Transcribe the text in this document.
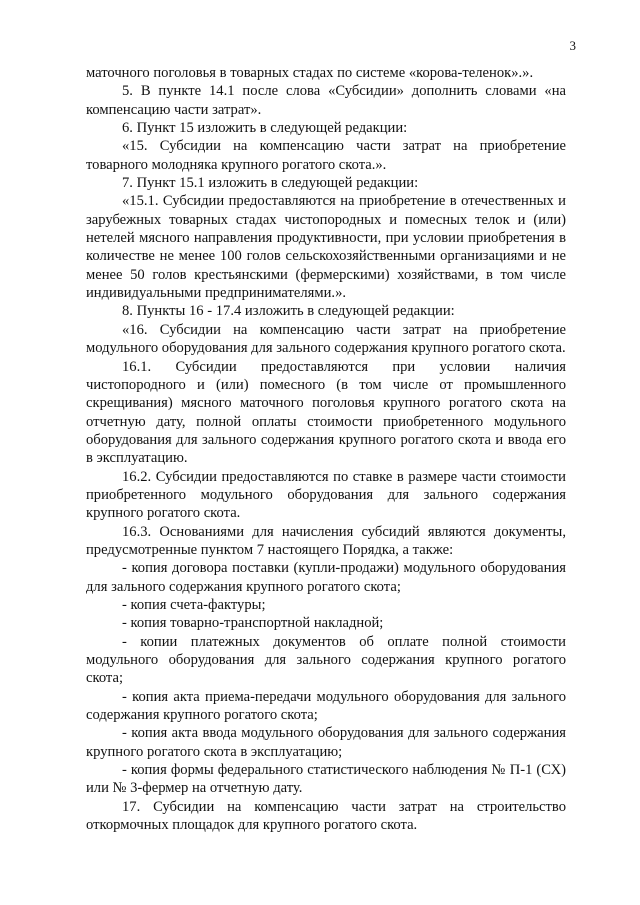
3

маточного поголовья в товарных стадах по системе «корова-теленок».».

5. В пункте 14.1 после слова «Субсидии» дополнить словами «на компенсацию части затрат».

6. Пункт 15 изложить в следующей редакции:

«15. Субсидии на компенсацию части затрат на приобретение товарного молодняка крупного рогатого скота.».

7. Пункт 15.1 изложить в следующей редакции:

«15.1. Субсидии предоставляются на приобретение в отечественных и зарубежных товарных стадах чистопородных и помесных телок и (или) нетелей мясного направления продуктивности, при условии приобретения в количестве не менее 100 голов сельскохозяйственными организациями и не менее 50 голов крестьянскими (фермерскими) хозяйствами, в том числе индивидуальными предпринимателями.».

8. Пункты 16 - 17.4 изложить в следующей редакции:

«16. Субсидии на компенсацию части затрат на приобретение модульного оборудования для зального содержания крупного рогатого скота.

16.1. Субсидии предоставляются при условии наличия чистопородного и (или) помесного (в том числе от промышленного скрещивания) мясного маточного поголовья крупного рогатого скота на отчетную дату, полной оплаты стоимости приобретенного модульного оборудования для зального содержания крупного рогатого скота и ввода его в эксплуатацию.

16.2. Субсидии предоставляются по ставке в размере части стоимости приобретенного модульного оборудования для зального содержания крупного рогатого скота.

16.3. Основаниями для начисления субсидий являются документы, предусмотренные пунктом 7 настоящего Порядка, а также:

- копия договора поставки (купли-продажи) модульного оборудования для зального содержания крупного рогатого скота;

- копия счета-фактуры;

- копия товарно-транспортной накладной;

- копии платежных документов об оплате полной стоимости модульного оборудования для зального содержания крупного рогатого скота;

- копия акта приема-передачи модульного оборудования для зального содержания крупного рогатого скота;

- копия акта ввода модульного оборудования для зального содержания крупного рогатого скота в эксплуатацию;

- копия формы федерального статистического наблюдения № П-1 (СХ) или № 3-фермер на отчетную дату.

17. Субсидии на компенсацию части затрат на строительство откормочных площадок для крупного рогатого скота.
